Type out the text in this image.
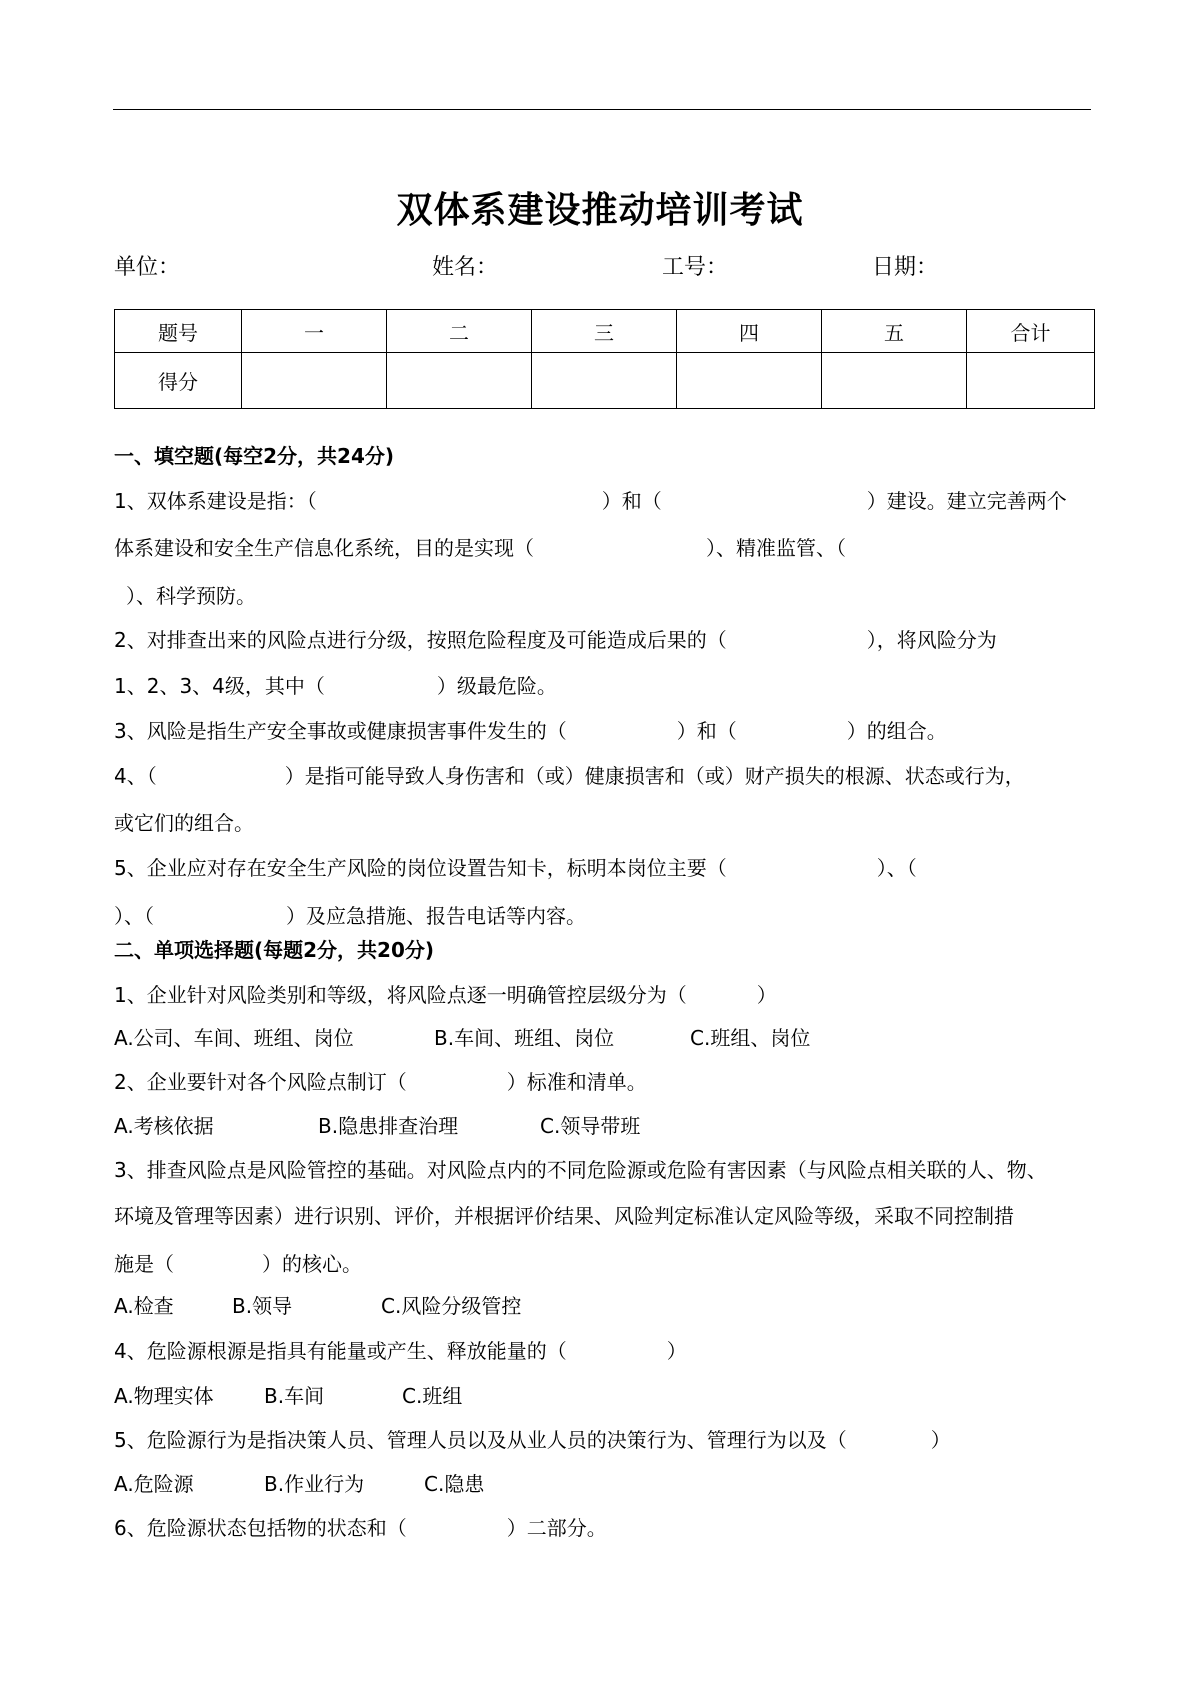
双体系建设推动培训考试
单位：	姓名：	工号：	日期：
题号	一	二	三	四	五	合计
得分						
一、填空题(每空2分，共24分)
1、双体系建设是指：（	）和（	）建设。建立完善两个
体系建设和安全生产信息化系统，目的是实现（	）、精准监管、（
）、科学预防。
2、对排查出来的风险点进行分级，按照危险程度及可能造成后果的（	），将风险分为
1、2、3、4级，其中（	）级最危险。
3、风险是指生产安全事故或健康损害事件发生的（	）和（	）的组合。
4、（	）是指可能导致人身伤害和（或）健康损害和（或）财产损失的根源、状态或行为，
或它们的组合。
5、企业应对存在安全生产风险的岗位设置告知卡，标明本岗位主要（	）、（
）、（	）及应急措施、报告电话等内容。
二、单项选择题(每题2分，共20分)
1、企业针对风险类别和等级，将风险点逐一明确管控层级分为（	）
A.公司、车间、班组、岗位	B.车间、班组、岗位	C.班组、岗位
2、企业要针对各个风险点制订（	）标准和清单。
A.考核依据	B.隐患排查治理	C.领导带班
3、排查风险点是风险管控的基础。对风险点内的不同危险源或危险有害因素（与风险点相关联的人、物、
环境及管理等因素）进行识别、评价，并根据评价结果、风险判定标准认定风险等级，采取不同控制措
施是（	）的核心。
A.检查	B.领导	C.风险分级管控
4、危险源根源是指具有能量或产生、释放能量的（	）
A.物理实体	B.车间	C.班组
5、危险源行为是指决策人员、管理人员以及从业人员的决策行为、管理行为以及（	）
A.危险源	B.作业行为	C.隐患
6、危险源状态包括物的状态和（	）二部分。
